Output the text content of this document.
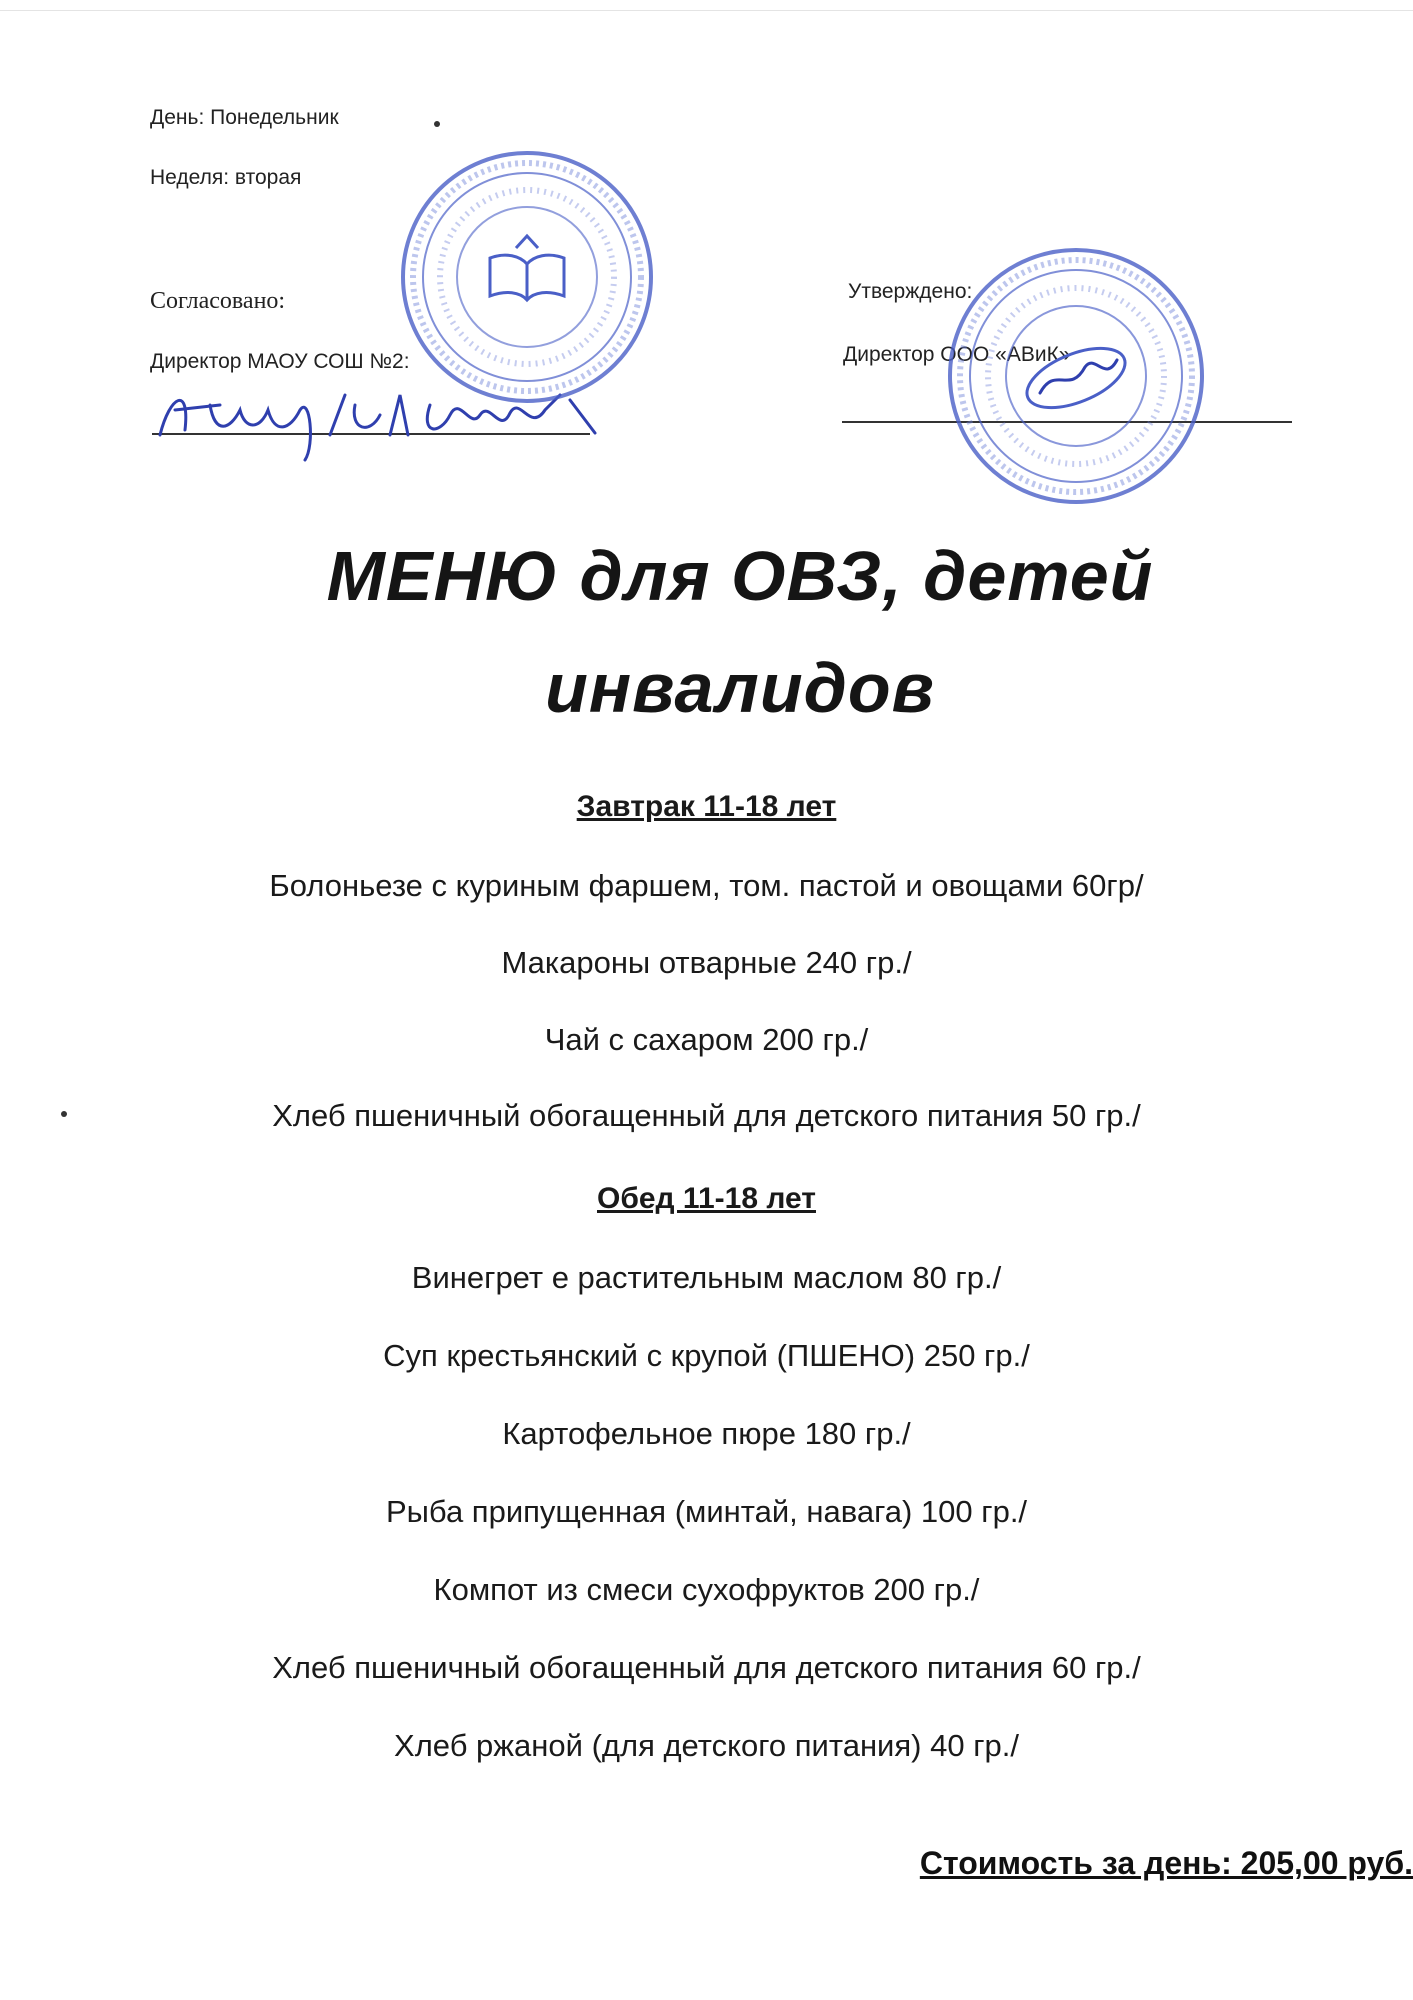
День: Понедельник
Неделя: вторая
Согласовано:
Директор МАОУ СОШ №2:
Утверждено:
Директор ООО «АВиК»
МЕНЮ для ОВЗ, детей
инвалидов
Завтрак 11-18 лет
Болоньезе с куриным фаршем, том. пастой и овощами 60гр/
Макароны отварные 240 гр./
Чай с сахаром 200 гр./
Хлеб пшеничный обогащенный для детского питания 50 гр./
Обед 11-18 лет
Винегрет е растительным маслом 80 гр./
Суп крестьянский с крупой (ПШЕНО) 250 гр./
Картофельное пюре 180 гр./
Рыба припущенная (минтай, навага) 100 гр./
Компот из смеси сухофруктов 200 гр./
Хлеб пшеничный обогащенный для детского питания 60 гр./
Хлеб ржаной (для детского питания) 40 гр./
Стоимость за день: 205,00 руб.
